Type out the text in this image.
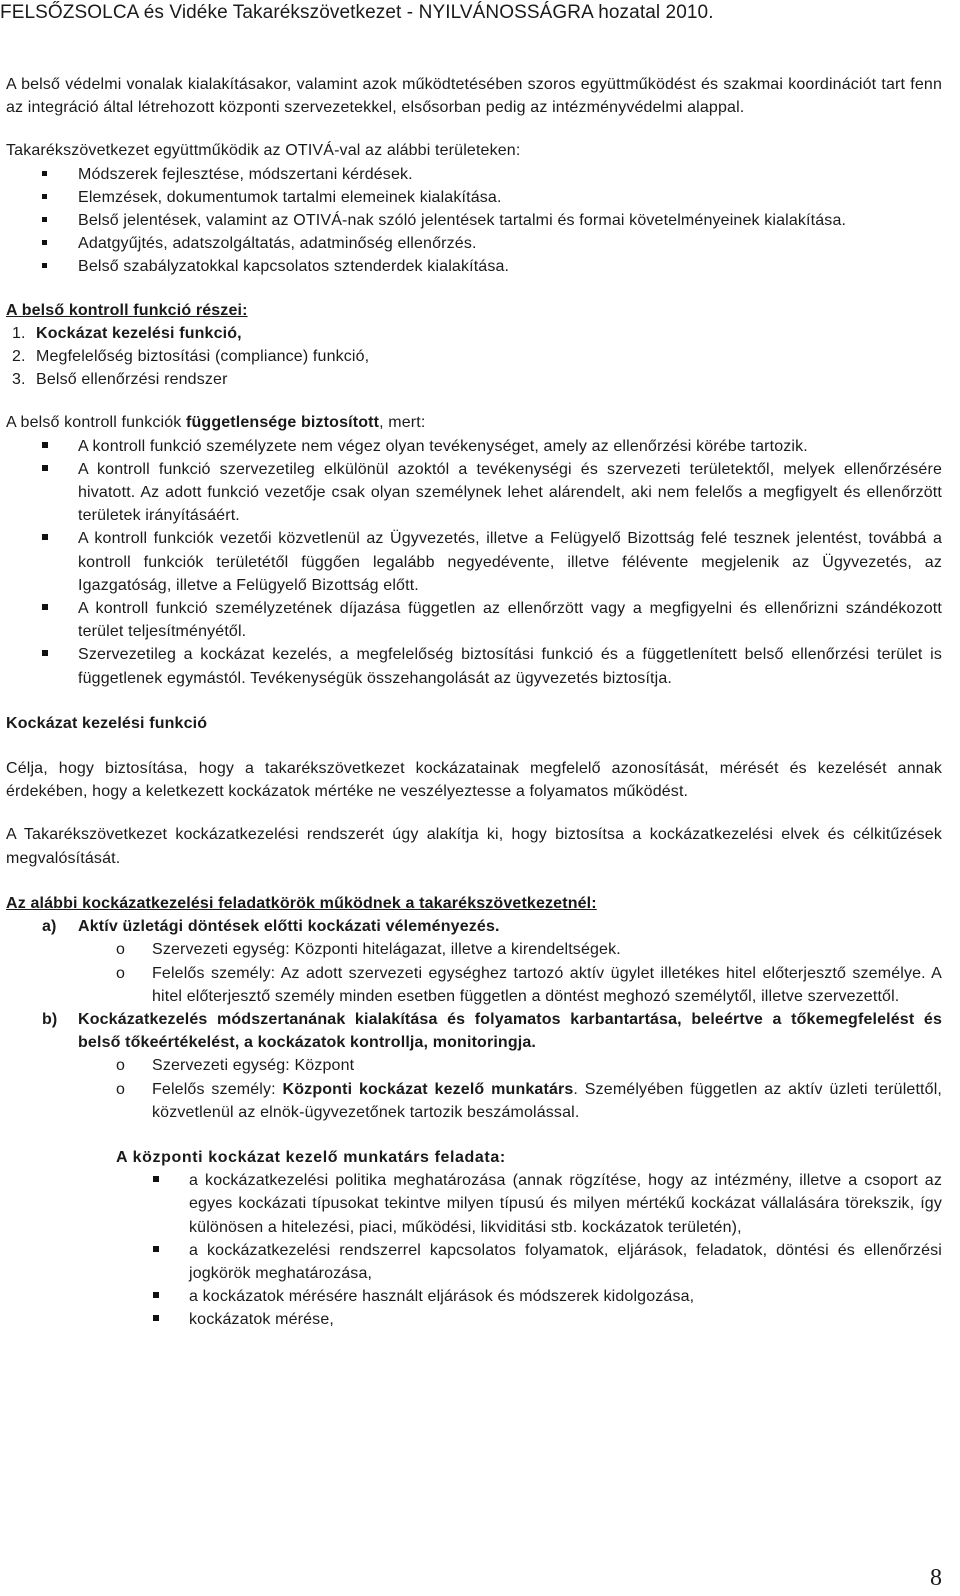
FELSŐZSOLCA és Vidéke Takarékszövetkezet - NYILVÁNOSSÁGRA hozatal 2010.

A belső védelmi vonalak kialakításakor, valamint azok működtetésében szoros együttműködést és szakmai koordinációt tart fenn az integráció által létrehozott központi szervezetekkel, elsősorban pedig az intézményvédelmi alappal.

Takarékszövetkezet együttműködik az OTIVÁ-val az alábbi területeken:

Módszerek fejlesztése, módszertani kérdések.
Elemzések, dokumentumok tartalmi elemeinek kialakítása.
Belső jelentések, valamint az OTIVÁ-nak szóló jelentések tartalmi és formai követelményeinek kialakítása.
Adatgyűjtés, adatszolgáltatás, adatminőség ellenőrzés.
Belső szabályzatokkal kapcsolatos sztenderdek kialakítása.

A belső kontroll funkció részei:

1. Kockázat kezelési funkció,
2. Megfelelőség biztosítási (compliance) funkció,
3. Belső ellenőrzési rendszer

A belső kontroll funkciók függetlensége biztosított, mert:

A kontroll funkció személyzete nem végez olyan tevékenységet, amely az ellenőrzési körébe tartozik.
A kontroll funkció szervezetileg elkülönül azoktól a tevékenységi és szervezeti területektől, melyek ellenőrzésére hivatott. Az adott funkció vezetője csak olyan személynek lehet alárendelt, aki nem felelős a megfigyelt és ellenőrzött területek irányításáért.
A kontroll funkciók vezetői közvetlenül az Ügyvezetés, illetve a Felügyelő Bizottság felé tesznek jelentést, továbbá a kontroll funkciók területétől függően legalább negyedévente, illetve félévente megjelenik az Ügyvezetés, az Igazgatóság, illetve a Felügyelő Bizottság előtt.
A kontroll funkció személyzetének díjazása független az ellenőrzött vagy a megfigyelni és ellenőrizni szándékozott terület teljesítményétől.
Szervezetileg a kockázat kezelés, a megfelelőség biztosítási funkció és a függetlenített belső ellenőrzési terület is függetlenek egymástól. Tevékenységük összehangolását az ügyvezetés biztosítja.

Kockázat kezelési funkció

Célja, hogy biztosítása, hogy a takarékszövetkezet kockázatainak megfelelő azonosítását, mérését és kezelését annak érdekében, hogy a keletkezett kockázatok mértéke ne veszélyeztesse a folyamatos működést.

A Takarékszövetkezet kockázatkezelési rendszerét úgy alakítja ki, hogy biztosítsa a kockázatkezelési elvek és célkitűzések megvalósítását.

Az alábbi kockázatkezelési feladatkörök működnek a takarékszövetkezetnél:

a) Aktív üzletági döntések előtti kockázati véleményezés.
o Szervezeti egység: Központi hitelágazat, illetve a kirendeltségek.
o Felelős személy: Az adott szervezeti egységhez tartozó aktív ügylet illetékes hitel előterjesztő személye. A hitel előterjesztő személy minden esetben független a döntést meghozó személytől, illetve szervezettől.
b) Kockázatkezelés módszertanának kialakítása és folyamatos karbantartása, beleértve a tőkemegfelelést és belső tőkeértékelést, a kockázatok kontrollja, monitoringja.
o Szervezeti egység: Központ
o Felelős személy: Központi kockázat kezelő munkatárs. Személyében független az aktív üzleti területtől, közvetlenül az elnök-ügyvezetőnek tartozik beszámolással.

A központi kockázat kezelő munkatárs feladata:

a kockázatkezelési politika meghatározása (annak rögzítése, hogy az intézmény, illetve a csoport az egyes kockázati típusokat tekintve milyen típusú és milyen mértékű kockázat vállalására törekszik, így különösen a hitelezési, piaci, működési, likviditási stb. kockázatok területén),
a kockázatkezelési rendszerrel kapcsolatos folyamatok, eljárások, feladatok, döntési és ellenőrzési jogkörök meghatározása,
a kockázatok mérésére használt eljárások és módszerek kidolgozása,
kockázatok mérése,
8
